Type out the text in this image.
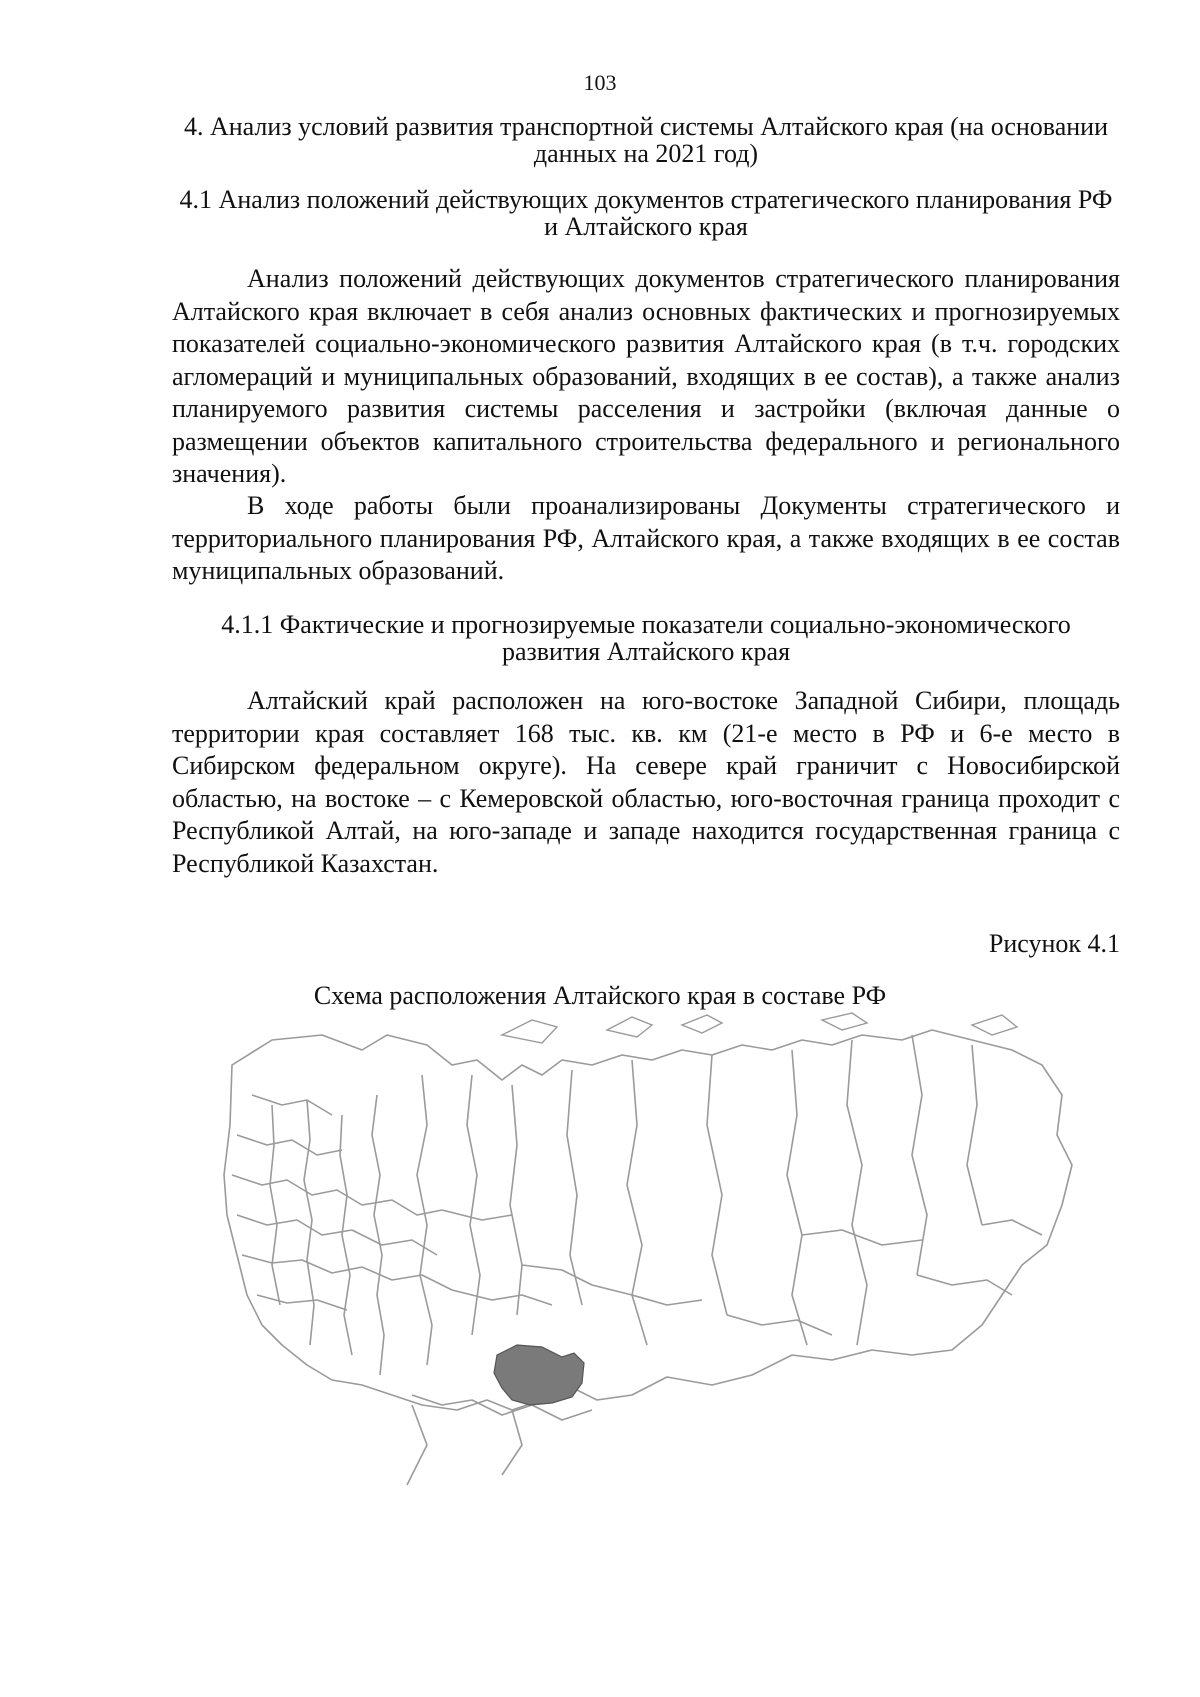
103
4. Анализ условий развития транспортной системы Алтайского края (на основании данных на 2021 год)
4.1 Анализ положений действующих документов стратегического планирования РФ и Алтайского края

Анализ положений действующих документов стратегического планирования Алтайского края включает в себя анализ основных фактических и прогнозируемых показателей социально-экономического развития Алтайского края (в т.ч. городских агломераций и муниципальных образований, входящих в ее состав), а также анализ планируемого развития системы расселения и застройки (включая данные о размещении объектов капитального строительства федерального и регионального значения).

В ходе работы были проанализированы Документы стратегического и территориального планирования РФ, Алтайского края, а также входящих в ее состав муниципальных образований.

4.1.1 Фактические и прогнозируемые показатели социально-экономического развития Алтайского края

Алтайский край расположен на юго-востоке Западной Сибири, площадь территории края составляет 168 тыс. кв. км (21-е место в РФ и 6-е место в Сибирском федеральном округе). На севере край граничит с Новосибирской областью, на востоке – с Кемеровской областью, юго-восточная граница проходит с Республикой Алтай, на юго-западе и западе находится государственная граница с Республикой Казахстан.

Рисунок 4.1

Схема расположения Алтайского края в составе РФ
